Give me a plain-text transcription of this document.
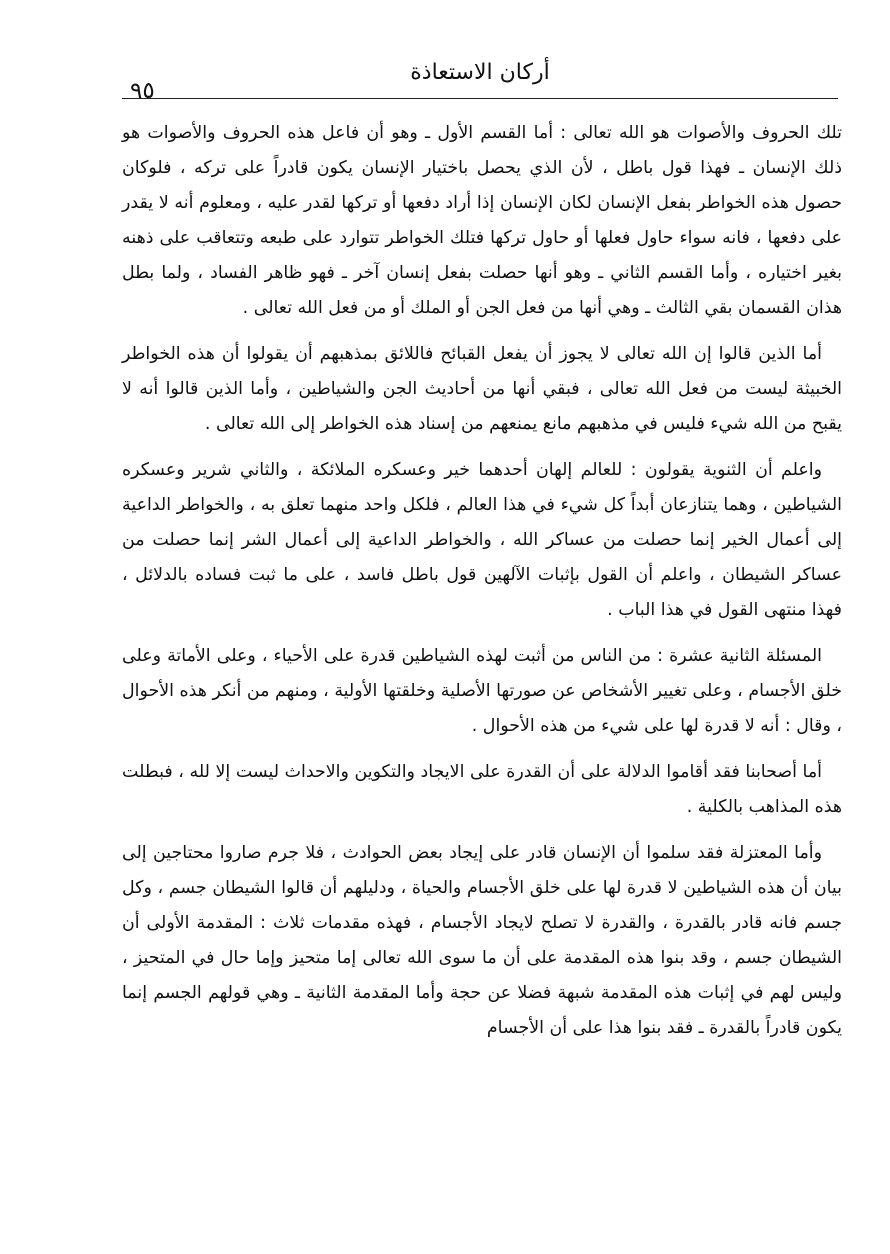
٩٥
أركان الاستعاذة

تلك الحروف والأصوات هو الله تعالى : أما القسم الأول ـ وهو أن فاعل هذه الحروف والأصوات هو ذلك الإنسان ـ فهذا قول باطل ، لأن الذي يحصل باختيار الإنسان يكون قادراً على تركه ، فلوكان حصول هذه الخواطر بفعل الإنسان لكان الإنسان إذا أراد دفعها أو تركها لقدر عليه ، ومعلوم أنه لا يقدر على دفعها ، فانه سواء حاول فعلها أو حاول تركها فتلك الخواطر تتوارد على طبعه وتتعاقب على ذهنه بغير اختياره ، وأما القسم الثاني ـ وهو أنها حصلت بفعل إنسان آخر ـ فهو ظاهر الفساد ، ولما بطل هذان القسمان بقي الثالث ـ وهي أنها من فعل الجن أو الملك أو من فعل الله تعالى .

أما الذين قالوا إن الله تعالى لا يجوز أن يفعل القبائح فاللائق بمذهبهم أن يقولوا أن هذه الخواطر الخبيثة ليست من فعل الله تعالى ، فبقي أنها من أحاديث الجن والشياطين ، وأما الذين قالوا أنه لا يقبح من الله شيء فليس في مذهبهم مانع يمنعهم من إسناد هذه الخواطر إلى الله تعالى .

واعلم أن الثنوية يقولون : للعالم إلهان أحدهما خير وعسكره الملائكة ، والثاني شرير وعسكره الشياطين ، وهما يتنازعان أبداً كل شيء في هذا العالم ، فلكل واحد منهما تعلق به ، والخواطر الداعية إلى أعمال الخير إنما حصلت من عساكر الله ، والخواطر الداعية إلى أعمال الشر إنما حصلت من عساكر الشيطان ، واعلم أن القول بإثبات الآلهين قول باطل فاسد ، على ما ثبت فساده بالدلائل ، فهذا منتهى القول في هذا الباب .

المسئلة الثانية عشرة : من الناس من أثبت لهذه الشياطين قدرة على الأحياء ، وعلى الأماتة وعلى خلق الأجسام ، وعلى تغيير الأشخاص عن صورتها الأصلية وخلقتها الأولية ، ومنهم من أنكر هذه الأحوال ، وقال : أنه لا قدرة لها على شيء من هذه الأحوال .

أما أصحابنا فقد أقاموا الدلالة على أن القدرة على الايجاد والتكوين والاحداث ليست إلا لله ، فبطلت هذه المذاهب بالكلية .

وأما المعتزلة فقد سلموا أن الإنسان قادر على إيجاد بعض الحوادث ، فلا جرم صاروا محتاجين إلى بيان أن هذه الشياطين لا قدرة لها على خلق الأجسام والحياة ، ودليلهم أن قالوا الشيطان جسم ، وكل جسم فانه قادر بالقدرة ، والقدرة لا تصلح لايجاد الأجسام ، فهذه مقدمات ثلاث : المقدمة الأولى أن الشيطان جسم ، وقد بنوا هذه المقدمة على أن ما سوى الله تعالى إما متحيز وإما حال في المتحيز ، وليس لهم في إثبات هذه المقدمة شبهة فضلا عن حجة وأما المقدمة الثانية ـ وهي قولهم الجسم إنما يكون قادراً بالقدرة ـ فقد بنوا هذا على أن الأجسام
